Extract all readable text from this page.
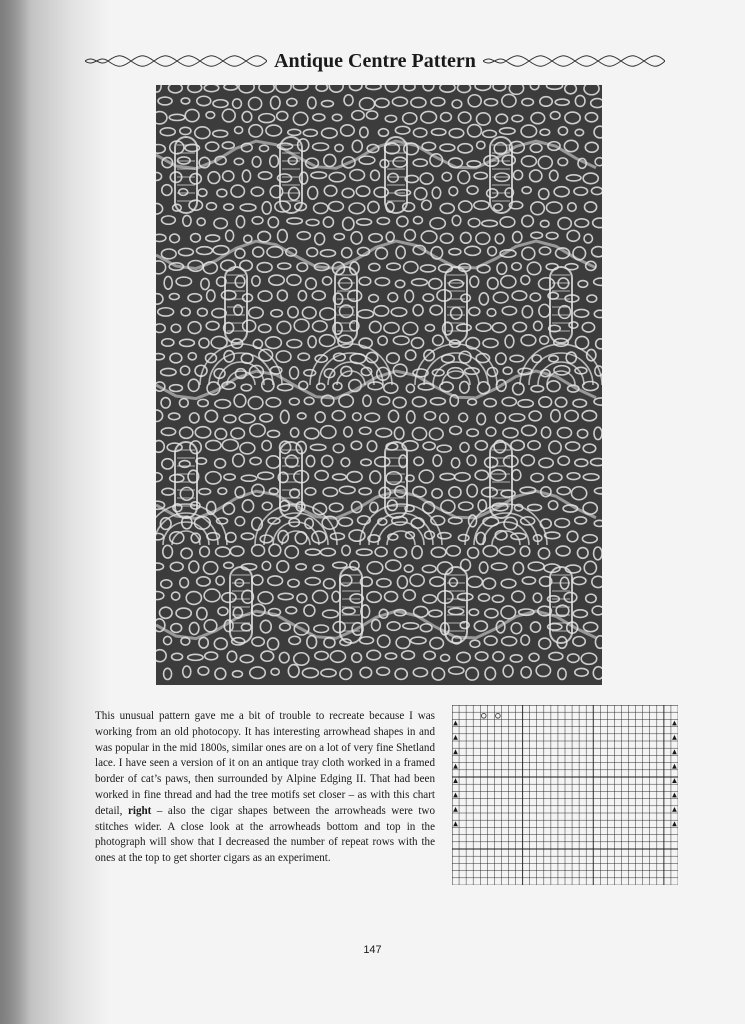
Antique Centre Pattern
This unusual pattern gave me a bit of trouble to recreate because I was working from an old photocopy. It has interesting arrowhead shapes in and was popular in the mid 1800s, similar ones are on a lot of very fine Shetland lace. I have seen a version of it on an antique tray cloth worked in a framed border of cat’s paws, then surrounded by Alpine Edging II. That had been worked in fine thread and had the tree motifs set closer – as with this chart detail, right – also the cigar shapes between the arrowheads were two stitches wider. A close look at the arrowheads bottom and top in the photograph will show that I decreased the number of repeat rows with the ones at the top to get shorter cigars as an experiment.
147
